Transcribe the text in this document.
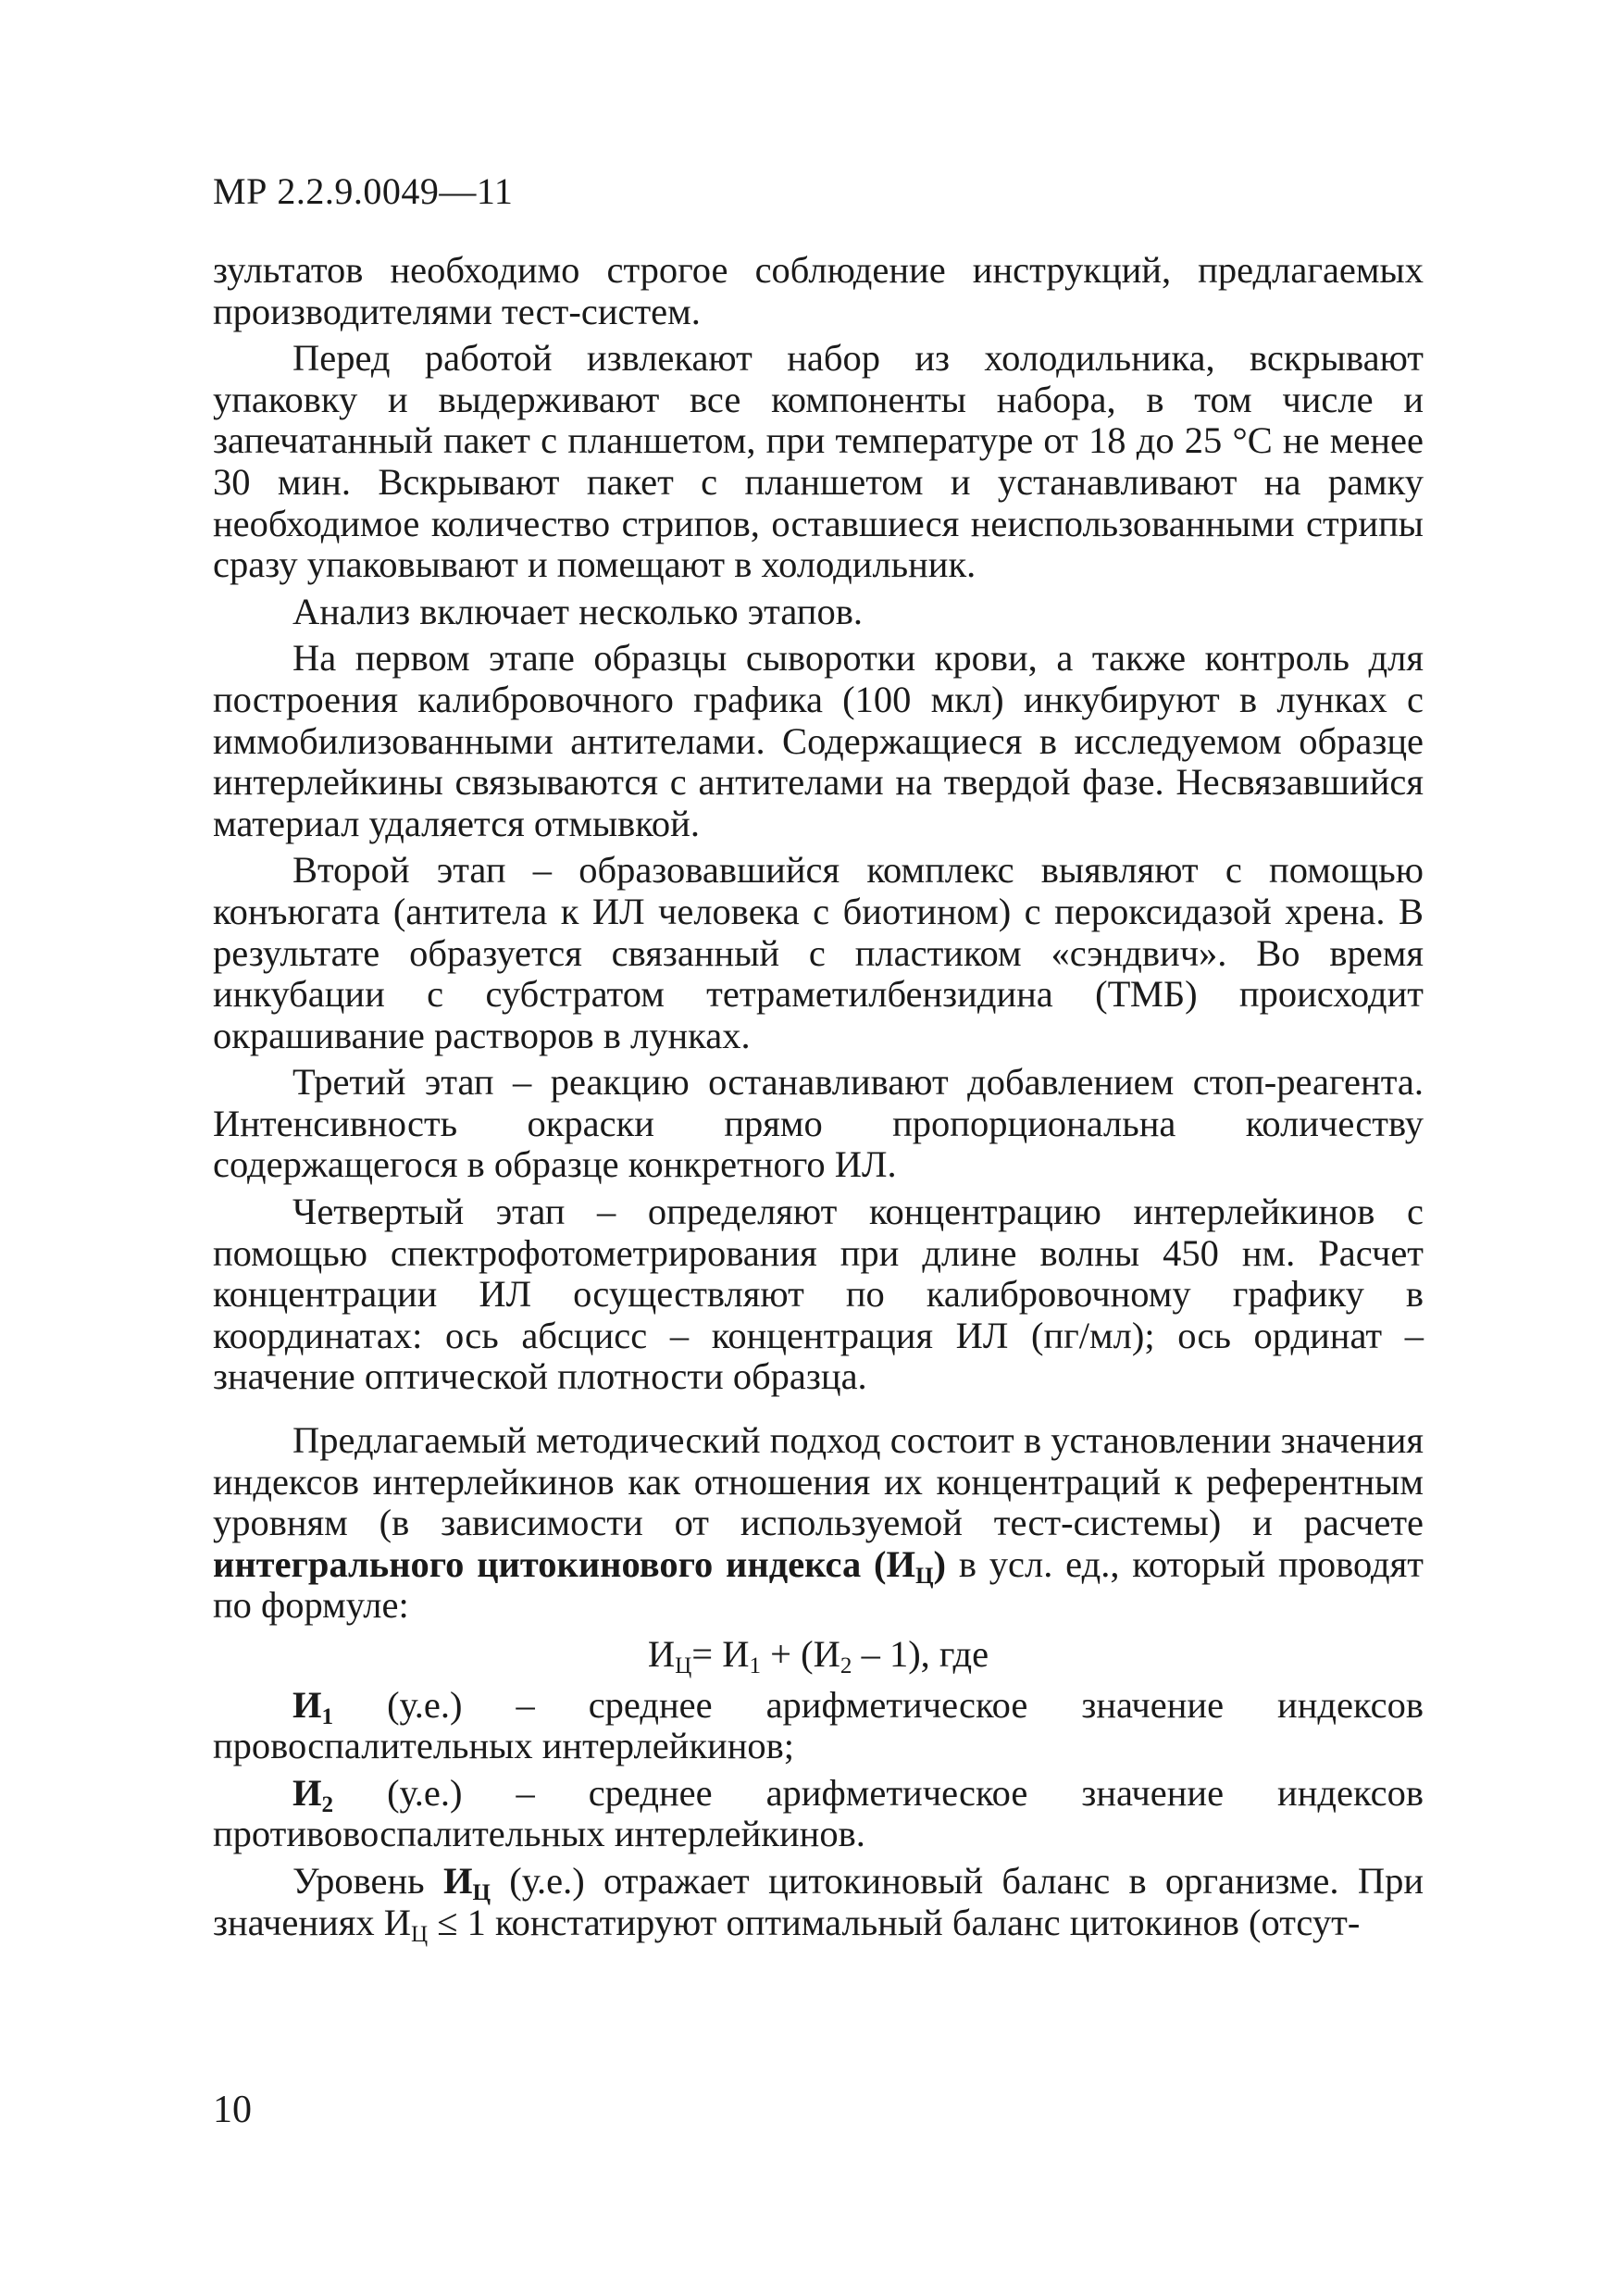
МР 2.2.9.0049—11

зультатов необходимо строгое соблюдение инструкций, предлагаемых производителями тест-систем.

Перед работой извлекают набор из холодильника, вскрывают упаковку и выдерживают все компоненты набора, в том числе и запечатанный пакет с планшетом, при температуре от 18 до 25 °С не менее 30 мин. Вскрывают пакет с планшетом и устанавливают на рамку необходимое количество стрипов, оставшиеся неиспользованными стрипы сразу упаковывают и помещают в холодильник.

Анализ включает несколько этапов.

На первом этапе образцы сыворотки крови, а также контроль для построения калибровочного графика (100 мкл) инкубируют в лунках с иммобилизованными антителами. Содержащиеся в исследуемом образце интерлейкины связываются с антителами на твердой фазе. Несвязавшийся материал удаляется отмывкой.

Второй этап – образовавшийся комплекс выявляют с помощью конъюгата (антитела к ИЛ человека с биотином) с пероксидазой хрена. В результате образуется связанный с пластиком «сэндвич». Во время инкубации с субстратом тетраметилбензидина (ТМБ) происходит окрашивание растворов в лунках.

Третий этап – реакцию останавливают добавлением стоп-реагента. Интенсивность окраски прямо пропорциональна количеству содержащегося в образце конкретного ИЛ.

Четвертый этап – определяют концентрацию интерлейкинов с помощью спектрофотометрирования при длине волны 450 нм. Расчет концентрации ИЛ осуществляют по калибровочному графику в координатах: ось абсцисс – концентрация ИЛ (пг/мл); ось ординат – значение оптической плотности образца.

Предлагаемый методический подход состоит в установлении значения индексов интерлейкинов как отношения их концентраций к референтным уровням (в зависимости от используемой тест-системы) и расчете интегрального цитокинового индекса $(И_Ц)$ в усл. ед., который проводят по формуле:

$И_Ц= И_1 + (И_2 - 1)$, где

$И_1$ (у.е.) – среднее арифметическое значение индексов провоспалительных интерлейкинов;

$И_2$ (у.е.) – среднее арифметическое значение индексов противовоспалительных интерлейкинов.

Уровень $И_Ц$ (у.е.) отражает цитокиновый баланс в организме. При значениях $И_Ц \le 1$ констатируют оптимальный баланс цитокинов (отсут-

10
